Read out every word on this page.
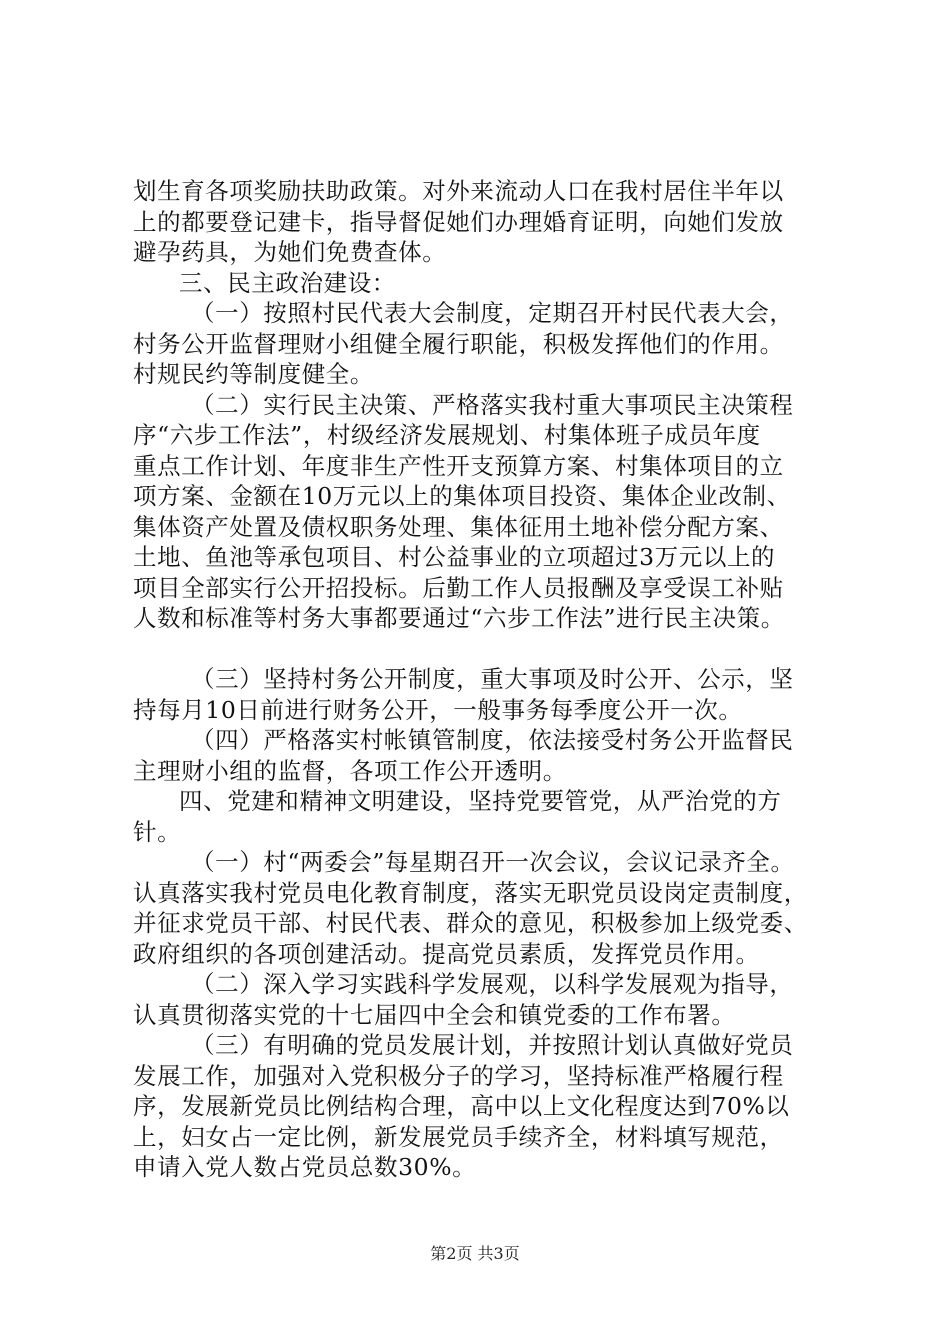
划生育各项奖励扶助政策。对外来流动人口在我村居住半年以
上的都要登记建卡，指导督促她们办理婚育证明，向她们发放
避孕药具，为她们免费查体。
三、民主政治建设：
（一）按照村民代表大会制度，定期召开村民代表大会，
村务公开监督理财小组健全履行职能，积极发挥他们的作用。
村规民约等制度健全。
（二）实行民主决策、严格落实我村重大事项民主决策程
序“六步工作法”，村级经济发展规划、村集体班子成员年度
重点工作计划、年度非生产性开支预算方案、村集体项目的立
项方案、金额在10万元以上的集体项目投资、集体企业改制、
集体资产处置及债权职务处理、集体征用土地补偿分配方案、
土地、鱼池等承包项目、村公益事业的立项超过3万元以上的
项目全部实行公开招投标。后勤工作人员报酬及享受误工补贴
人数和标准等村务大事都要通过“六步工作法”进行民主决策。
（三）坚持村务公开制度，重大事项及时公开、公示，坚
持每月10日前进行财务公开，一般事务每季度公开一次。
（四）严格落实村帐镇管制度，依法接受村务公开监督民
主理财小组的监督，各项工作公开透明。
四、党建和精神文明建设，坚持党要管党，从严治党的方
针。
（一）村“两委会”每星期召开一次会议，会议记录齐全。
认真落实我村党员电化教育制度，落实无职党员设岗定责制度，
并征求党员干部、村民代表、群众的意见，积极参加上级党委、
政府组织的各项创建活动。提高党员素质，发挥党员作用。
（二）深入学习实践科学发展观，以科学发展观为指导，
认真贯彻落实党的十七届四中全会和镇党委的工作布署。
（三）有明确的党员发展计划，并按照计划认真做好党员
发展工作，加强对入党积极分子的学习，坚持标准严格履行程
序，发展新党员比例结构合理，高中以上文化程度达到70%以
上，妇女占一定比例，新发展党员手续齐全，材料填写规范，
申请入党人数占党员总数30%。
第2页 共3页
